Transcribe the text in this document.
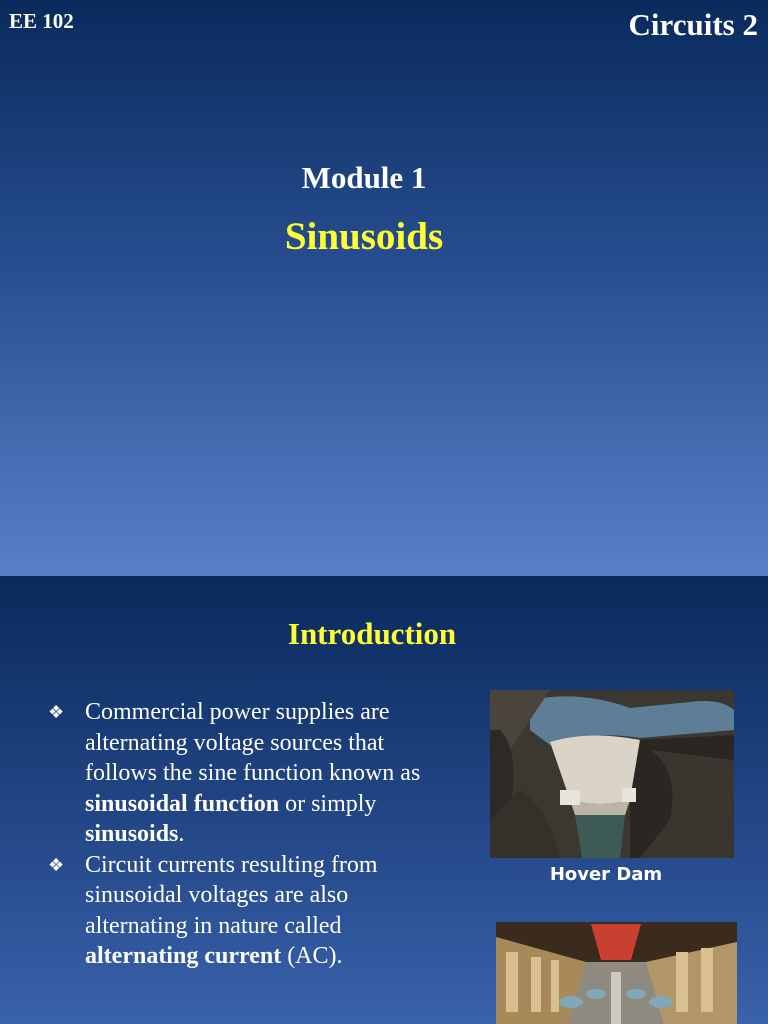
EE 102	Circuits 2
Module 1
Sinusoids
Introduction
❖ Commercial power supplies are alternating voltage sources that follows the sine function known as sinusoidal function or simply sinusoids.
❖ Circuit currents resulting from sinusoidal voltages are also alternating in nature called alternating current (AC).
Hover Dam
